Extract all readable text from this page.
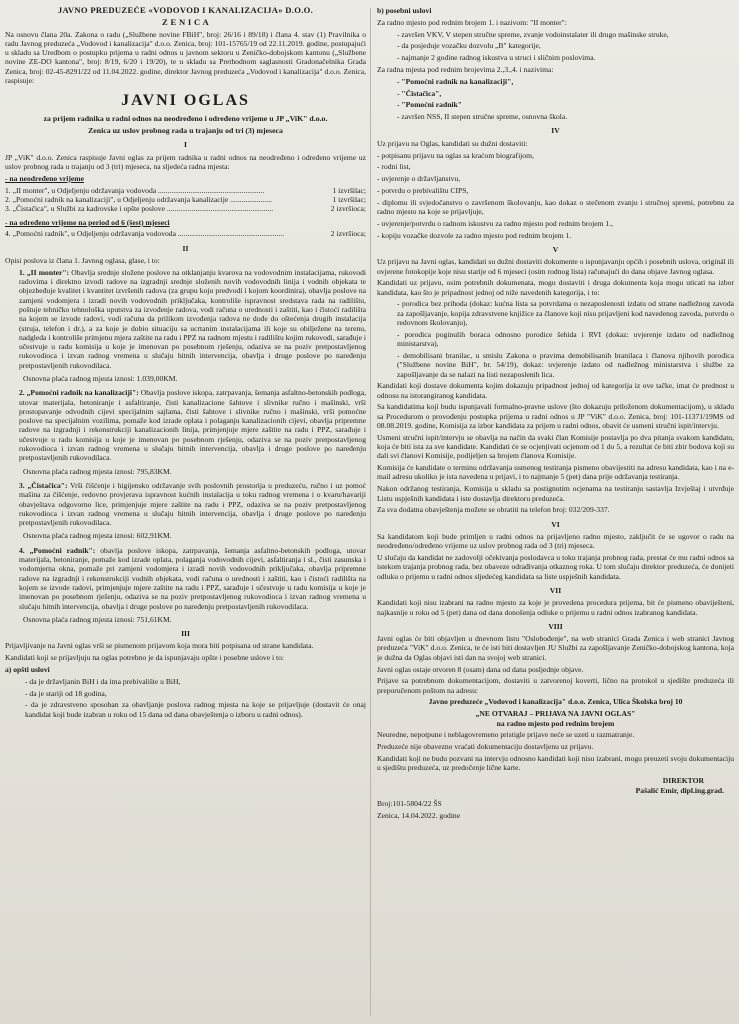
JAVNO PREDUZEĆE «VODOVOD I KANALIZACIJA» D.O.O.

Z E N I C A

Na osnovu člana 20a. Zakona o radu („Službene novine FBiH", broj: 26/16 i 89/18) i člana 4. stav (1) Pravilnika o radu Javnog preduzeća „Vodovod i kanalizacija" d.o.o. Zenica, broj: 101-15765/19 od 22.11.2019. godine, postupajući u skladu sa Uredbom o postupku prijema u radni odnos u javnom sektoru u Zeničko-dobojskom kantonu („Službene novine ZE-DO kantona", broj: 8/19, 6/20 i 19/20), te u skladu sa Prethodnom saglasnosti Gradonačelnika Grada Zenica, broj: 02-45-8291/22 od 11.04.2022. godine, direktor Javnog preduzeća „Vodovod i kanalizacija" d.o.o. Zenica, raspisuje:

JAVNI OGLAS

za prijem radnika u radni odnos na neodređeno i određeno vrijeme u JP „ViK" d.o.o.

Zenica uz uslov probnog rada u trajanju od tri (3) mjeseca

I

JP „ViK" d.o.o. Zenica raspisuje Javni oglas za prijem radnika u radni odnos na neodređeno i određeno vrijeme uz uslov probnog rada u trajanju od 3 (tri) mjeseca, na sljedeća radna mjesta:

- na neodređeno vrijeme

1. „II monter", u Odjeljenju održavanja vodovoda ........................................................	1 izvršilac;
2. „Pomoćni radnik na kanalizaciji", u Odjeljenju održavanja kanalizacije ......................	1 izvršilac;
3. „Čistačica", u Službi za kadrovske i opšte poslove ........................................................	2 izvršioca;

- na određeno vrijeme na period od 6 (šest) mjeseci

4. „Pomoćni radnik", u Odjeljenju održavanja vodovoda ........................................................	2 izvršioca;

II

Opisi poslova iz člana 1. Javnog oglasa, glase, i to:

1. „II monter": Obavlja srednje složene poslove na otklanjanju kvarova na vodovodnim instalacijama, rukovodi radovima i direktno izvodi radove na izgradnji srednje složenih novih vodovodnih linija i vodnih objekata te objezbeđuje kvalitet i kvantitet izvršenih radova (za grupu koju predvodi i kojom koordinira), obavlja poslove na zamjeni vodomjera i izradi novih vodovodnih priključaka, kontroliše ispravnost sredstava rada na radilištu, poštuje tehničko tehnološka uputstva za izvođenje radova, vodi računa o urednosti i zaštiti, kao i čistoći radilišta na kojem se izvode radovi, vodi računa da prilikom izvođenja radova ne dođe do oštećenja drugih instalacija (struja, telefon i dr.), a za koje je dobio situaciju sa ucrtanim instalacijama ili koje su obilježene na terenu, nadgleda i kontroliše primjenu mjera zaštite na radu i PPZ na radnom mjestu i radilištu kojim rukovodi, sarađuje i učestvuje u radu komisija u koje je imenovan po posebnom rješenju, odaziva se na poziv pretpostavljenog rukovodioca i izvan radnog vremena u slučaju hitnih intervencija, obavlja i druge poslove po naređenju pretpostavljenih rukovodilaca.

Osnovna plaća radnog mjesta iznosi: 1.039,00KM.

2. „Pomoćni radnik na kanalizaciji": Obavlja poslove iskopa, zatrpavanja, šemanja asfaltno-betonskih podloga, utovar materijala, betoniranje i asfaltiranje, čisti kanalizacione šahtove i slivnike ručno i mašinski, vrši prostopavanje odvodnih cijevi specijalnim sajlama, čisti šahtove i slivnike ručno i mašinski, vrši pomoćne poslove na specijalnim vozilima, pomaže kod izrade oplata i polaganju kanalizacionih cijevi, obavlja pripremne radove na izgradnji i rekonstrukciji kanalizacionih linija, primjenjuje mjere zaštite na radu i PPZ, sarađuje i učestvuje u radu komisija u koje je imenovan po posebnom rješenju, odaziva se na poziv pretpostavljenog rukovodioca i izvan radnog vremena u slučaju hitnih intervencija, obavlja i druge poslove po naređenju pretpostavljenih rukovodilaca.

Osnovna plaća radnog mjesta iznosi: 795,83KM.

3. „Čistačica": Vrši čišćenje i higijensko održavanje svih poslovnih prostorija u preduzeću, ručno i uz pomoć mašina za čišćenje, redovno provjerava ispravnost kućnih instalacija u toku radnog vremena i o kvaru/havariji obavještava odgovorno lice, primjenjuje mjere zaštite na radu i PPZ, odaziva se na poziv pretpostavljenog rukovodioca i izvan radnog vremena u slučaju hitnih intervencija, obavlja i druge poslove po naređenju pretpostavljenih rukovodilaca.

Osnovna plaća radnog mjesta iznosi: 602,91KM.

4. „Pomoćni radnik": obavlja poslove iskopa, zatrpavanja, šemanja asfaltno-betonskih podloga, utovar materijala, betoniranje, pomaže kod izrade oplata, polaganja vodovodnih cijevi, asfaltiranja i sl., čisti zasunska i vodomjerna okna, pomaže pri zamjeni vodomjera i izradi novih vodovodnih priključaka, obavlja pripremne radove na izgradnji i rekonstrukciji vodnih objekata, vodi računa o urednosti i zaštiti, kao i čistoći radilišta na kojem se izvode radovi, primjenjuje mjere zaštite na radu i PPZ, sarađuje i učestvuje u radu komisija u koje je imenovan po posebnom rješenju, odaziva se na poziv pretpostavljenog rukovodioca i izvan radnog vremena u slučaju hitnih intervencija, obavlja i druge poslove po naređenju pretpostavljenih rukovodilaca.

Osnovna plaća radnog mjesta iznosi: 751,61KM.

III

Prijavljivanje na Javni oglas vrši se pismenom prijavom koja mora biti potpisana od strane kandidata.

Kandidati koji se prijavljuju na oglas potrebno je da ispunjavaju opšte i posebne uslove i to:

a) opšti uslovi

- da je državljanin BiH i da ima prebivalište u BiH,

- da je stariji od 18 godina,

- da je zdravstveno sposoban za obavljanje poslova radnog mjesta na koje se prijavljuje (dostavit će onaj kandidat koji bude izabran u roku od 15 dana od dana obavještenja o izboru u radni odnos).

b) posebni uslovi

Za radno mjesto pod rednim brojem 1. i nazivom: "II monter":

- završen VKV, V stepen stručne spreme, zvanje vodoinstalater ili drugo mašinske struke,

- da posjeduje vozačku dozvolu „B" kategorije,

- najmanje 2 godine radnog iskustva u struci i sličnim poslovima.

Za radna mjesta pod rednim brojevima 2.,3.,4. i nazivima:

- "Pomoćni radnik na kanalizaciji",

- "Čistačica",

- "Pomoćni radnik"

- završen NSS, II stepen stručne spreme, osnovna škola.

IV

Uz prijavu na Oglas, kandidati su dužni dostaviti:

- potpisanu prijavu na oglas sa kraćom biografijom,

- rodni list,

- uvjerenje o državljanstvu,

- potvrdu o prebivalištu CIPS,

- diplomu ili svjedočanstvo o završenom školovanju, kao dokaz o stečenom zvanju i stručnoj spremi, potrebnu za radno mjesto na koje se prijavljuje,

- uvjerenje/potvrdu o radnom iskustvu za radno mjesto pod rednim brojem 1.,

- kopiju vozačke dozvole za radno mjesto pod rednim brojem 1.

V

Uz prijavu na Javni oglas, kandidati su dužni dostaviti dokumente o ispunjavanju općih i posebnih uslova, originál ili ovjerene fotokopije koje nisu starije od 6 mjeseci (osim rodnog lista) računajući do dana objave Javnog oglasa.

Kandidati uz prijavu, osim potrebnih dokumenata, mogu dostaviti i druga dokumenta koja mogu uticati na izbor kandidata, kao što je pripadnost jednoj od niže navedenih kategorija, i to:

- porodica bez prihoda (dokaz: kućna lista sa potvrdama o nezaposlenosti izdatu od strane nadležnog zavoda za zapošljavanje, kopija zdravstvene knjižice za članove koji nisu prijavljeni kod navedenog zavoda, potvrdu o redovnom školovanju),

- porodica poginulih boraca odnosno porodice šehida i RVI (dokaz: uvjerenje izdato od nadležnog ministarstva),

- demobilisani branilac, u smislu Zakona o pravima demobilisanih branilaca i članova njihovih porodica ("Službene novine BiH", br. 54/19), dokaz: uvjerenje izdato od nadležnog ministarstva i službe za zapošljavanje da se nalazi na listi nezaposlenih lica.

Kandidati koji dostave dokumenta kojim dokazuju pripadnost jednoj od kategorija iz ove tačke, imat će prednost u odnosu na istorangiranog kandidata.

Sa kandidatima koji budu ispunjavali formalno-pravne uslove (što dokazuju priloženom dokumentacijom), u skladu sa Procedurom o provođenju postupka prijema u radni odnos u JP "ViK" d.o.o. Zenica, broj: 101-11371/19MS od 08.08.2019. godine, Komisija za izbor kandidata za prijem u radni odnos, obavit će usmeni stručni ispit/intervju.

Usmeni stručni ispit/intervju se obavlja na način da svaki član Komisije postavlja po dva pitanja svakom kandidatu, koja će biti ista za sve kandidate. Kandidati će se ocjenjivati ocjenom od 1 do 5, a rezultat će biti zbir bodova koji su dali svi članovi Komisije, podijeljen sa brojem članova Komisije.

Komisija će kandidate o terminu održavanja usmenog testiranja pismeno obavijestiti na adresu kandidata, kao i na e-mail adresu ukoliko je ista navedena u prijavi, i to najmanje 5 (pet) dana prije održavanja testiranja.

Nakon održanog testiranja, Komisija u skladu sa postignutim ocjenama na testiranju sastavlja Izvještaj i utvrđuje Listu uspješnih kandidata i iste dostavlja direktoru preduzeća.

Za sva dodatna obavještenja možete se obratiti na telefon broj: 032/209-337.

VI

Sa kandidatom koji bude primljen u radni odnos na prijavljeno radno mjesto, zaključit će se ugovor o radu na neodređeno/određeno vrijeme uz uslov probnog rada od 3 (tri) mjeseca.

U slučaju da kandidat ne zadovolji očekivanja poslodavca u toku trajanja probnog rada, prestat će mu radni odnos sa istekom trajanja probnog rada, bez obaveze odrađivanja otkaznog roka. U tom slučaju direktor preduzeća, će donijeti odluku o prijemu u radni odnos sljedećeg kandidata sa liste uspješnih kandidata.

VII

Kandidati koji nisu izabrani na radno mjesto za koje je provedena procedura prijema, bit će pismeno obaviješteni, najkasnije u roku od 5 (pet) dana od dana donošenja odluke o prijemu u radni odnos izabranog kandidata.

VIII

Javni oglas će biti objavljen u dnevnom listu "Oslobođenje", na web stranici Grada Zenica i web stranici Javnog preduzeća "ViK" d.o.o. Zenica, te će isti biti dostavljen JU Službi za zapošljavanje Zeničko-dobojskog kantona, koja je dužna da Oglas objavi isti dan na svojoj web stranici.

Javni oglas ostaje otvoren 8 (osam) dana od dana posljednje objave.

Prijave sa potrebnom dokumentacijom, dostaviti u zatvorenoj koverti, lično na protokol u sjedište preduzeća ili preporučenom poštom na adresu:

Javno preduzeće „Vodovod i kanalizacija" d.o.o. Zenica, Ulica Školska broj 10

„NE OTVARAJ – PRIJAVA NA JAVNI OGLAS"

na radno mjesto pod rednim brojem

Neuredne, nepotpune i neblagovremeno pristigle prijave neće se uzeti u razmatranje.

Preduzeće nije obavezno vraćati dokumentaciju dostavljenu uz prijavu.

Kandidati koji ne budu pozvani na intervju odnosno kandidati koji nisu izabrani, mogu preuzeti svoju dokumentaciju u sjedištu preduzeća, uz predočenje lične karte.

DIREKTOR

Pašalić Emir, dipl.ing.grad.

Broj:101-5804/22 ŠS

Zenica, 14.04.2022. godine
